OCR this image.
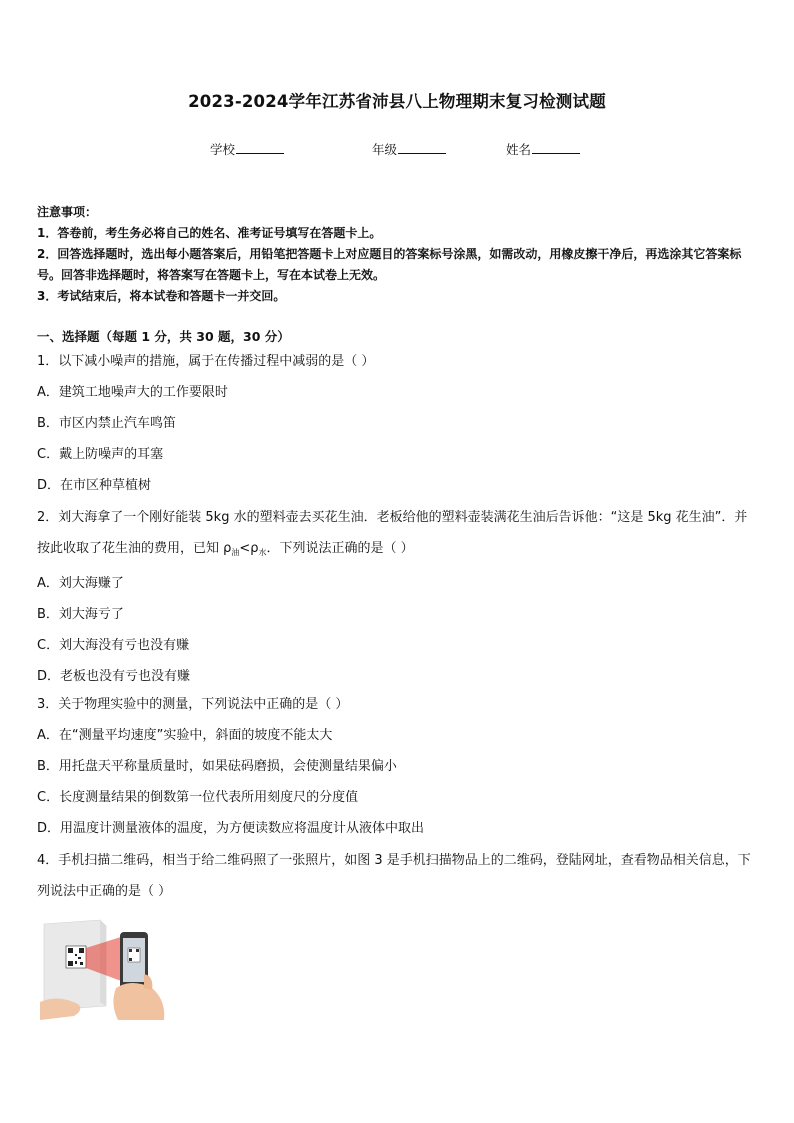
2023-2024学年江苏省沛县八上物理期末复习检测试题
学校	年级	姓名
注意事项：
1．答卷前，考生务必将自己的姓名、准考证号填写在答题卡上。
2．回答选择题时，选出每小题答案后，用铅笔把答题卡上对应题目的答案标号涂黑，如需改动，用橡皮擦干净后，再选涂其它答案标号。回答非选择题时，将答案写在答题卡上，写在本试卷上无效。
3．考试结束后，将本试卷和答题卡一并交回。
一、选择题（每题 1 分，共 30 题，30 分）

1．以下减小噪声的措施，属于在传播过程中减弱的是（ ）

A．建筑工地噪声大的工作要限时

B．市区内禁止汽车鸣笛

C．戴上防噪声的耳塞

D．在市区种草植树

2．刘大海拿了一个刚好能装 5kg 水的塑料壶去买花生油．老板给他的塑料壶装满花生油后告诉他：“这是 5kg 花生油”．并按此收取了花生油的费用，已知 $\rho_油<\rho_水$．下列说法正确的是（ ）

A．刘大海赚了

B．刘大海亏了

C．刘大海没有亏也没有赚

D．老板也没有亏也没有赚

3．关于物理实验中的测量，下列说法中正确的是（ ）

A．在“测量平均速度”实验中，斜面的坡度不能太大

B．用托盘天平称量质量时，如果砝码磨损，会使测量结果偏小

C．长度测量结果的倒数第一位代表所用刻度尺的分度值

D．用温度计测量液体的温度，为方便读数应将温度计从液体中取出

4．手机扫描二维码，相当于给二维码照了一张照片，如图 3 是手机扫描物品上的二维码，登陆网址，查看物品相关信息，下列说法中正确的是（ ）
